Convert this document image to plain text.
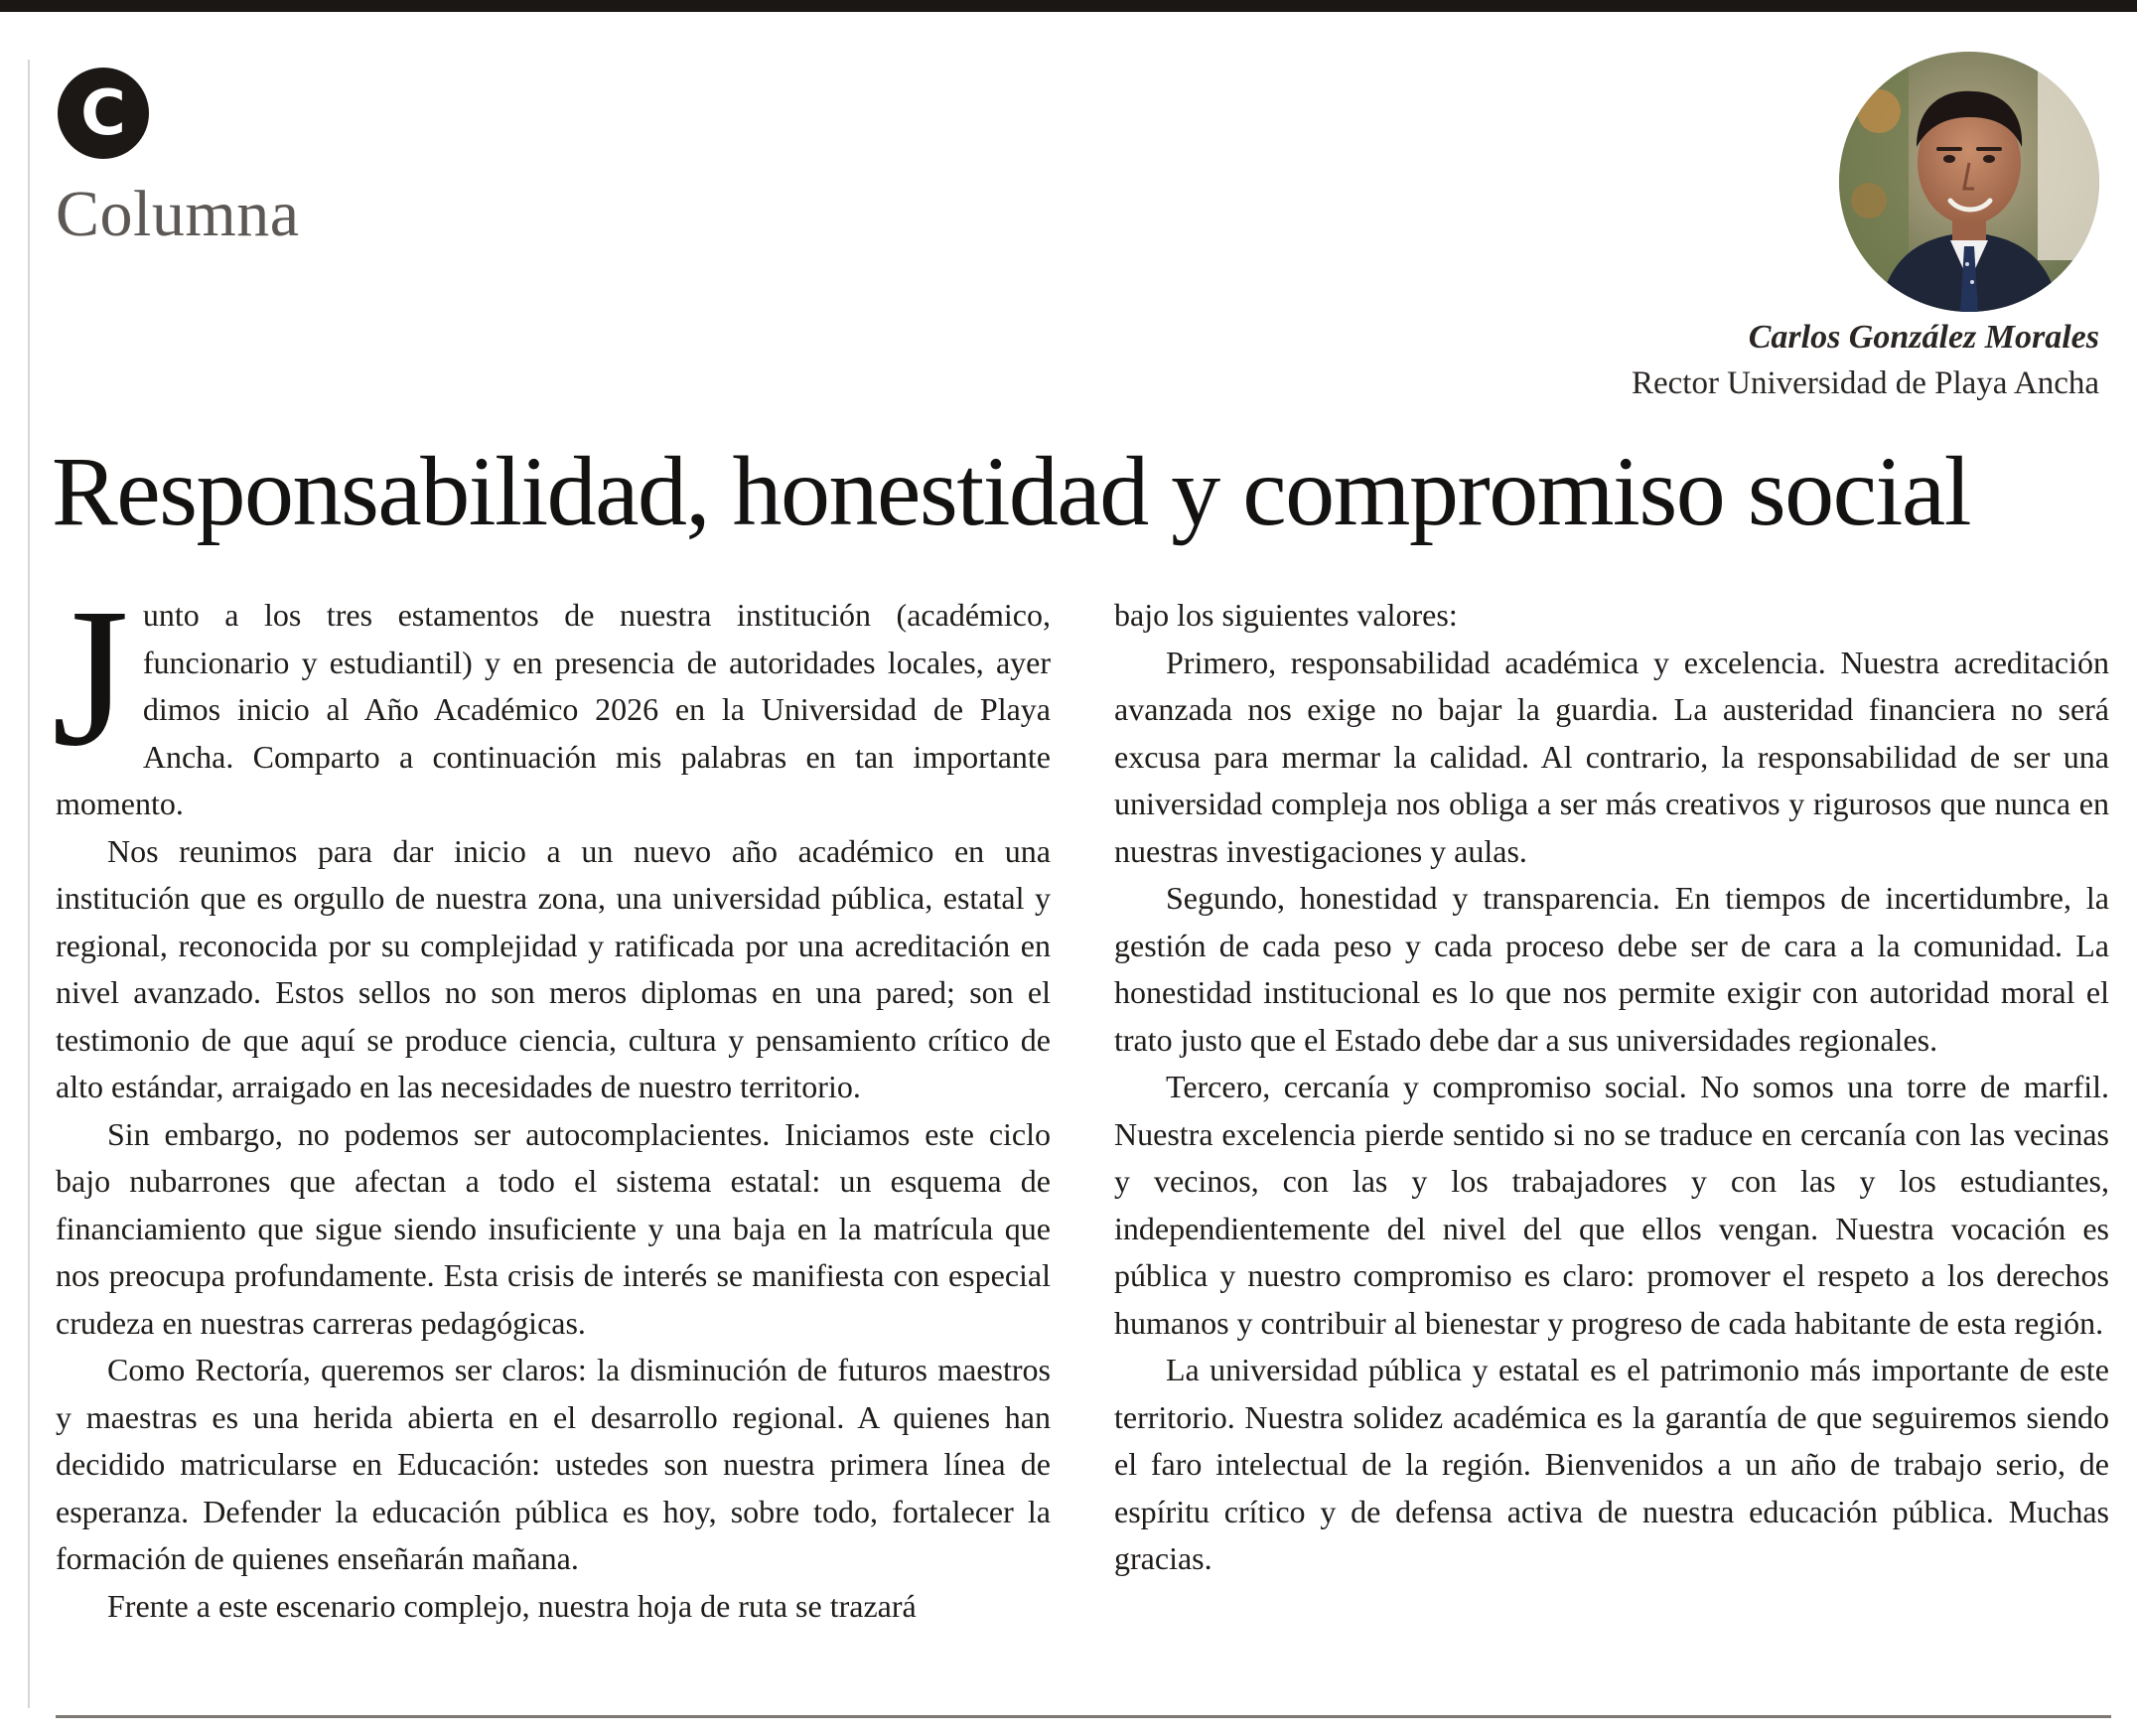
C
Columna
Carlos González Morales
Rector Universidad de Playa Ancha
Responsabilidad, honestidad y compromiso social

Junto a los tres estamentos de nuestra institución (académico, funcionario y estudiantil) y en presencia de autoridades locales, ayer dimos inicio al Año Académico 2026 en la Universidad de Playa Ancha. Comparto a continuación mis palabras en tan importante momento.

Nos reunimos para dar inicio a un nuevo año académico en una institución que es orgullo de nuestra zona, una universidad pública, estatal y regional, reconocida por su complejidad y ratificada por una acreditación en nivel avanzado. Estos sellos no son meros diplomas en una pared; son el testimonio de que aquí se produce ciencia, cultura y pensamiento crítico de alto estándar, arraigado en las necesidades de nuestro territorio.

Sin embargo, no podemos ser autocomplacientes. Iniciamos este ciclo bajo nubarrones que afectan a todo el sistema estatal: un esquema de financiamiento que sigue siendo insuficiente y una baja en la matrícula que nos preocupa profundamente. Esta crisis de interés se manifiesta con especial crudeza en nuestras carreras pedagógicas.

Como Rectoría, queremos ser claros: la disminución de futuros maestros y maestras es una herida abierta en el desarrollo regional. A quienes han decidido matricularse en Educación: ustedes son nuestra primera línea de esperanza. Defender la educación pública es hoy, sobre todo, fortalecer la formación de quienes enseñarán mañana.

Frente a este escenario complejo, nuestra hoja de ruta se trazará

bajo los siguientes valores:

Primero, responsabilidad académica y excelencia. Nuestra acreditación avanzada nos exige no bajar la guardia. La austeridad financiera no será excusa para mermar la calidad. Al contrario, la responsabilidad de ser una universidad compleja nos obliga a ser más creativos y rigurosos que nunca en nuestras investigaciones y aulas.

Segundo, honestidad y transparencia. En tiempos de incertidumbre, la gestión de cada peso y cada proceso debe ser de cara a la comunidad. La honestidad institucional es lo que nos permite exigir con autoridad moral el trato justo que el Estado debe dar a sus universidades regionales.

Tercero, cercanía y compromiso social. No somos una torre de marfil. Nuestra excelencia pierde sentido si no se traduce en cercanía con las vecinas y vecinos, con las y los trabajadores y con las y los estudiantes, independientemente del nivel del que ellos vengan. Nuestra vocación es pública y nuestro compromiso es claro: promover el respeto a los derechos humanos y contribuir al bienestar y progreso de cada habitante de esta región.

La universidad pública y estatal es el patrimonio más importante de este territorio. Nuestra solidez académica es la garantía de que seguiremos siendo el faro intelectual de la región. Bienvenidos a un año de trabajo serio, de espíritu crítico y de defensa activa de nuestra educación pública. Muchas gracias.
